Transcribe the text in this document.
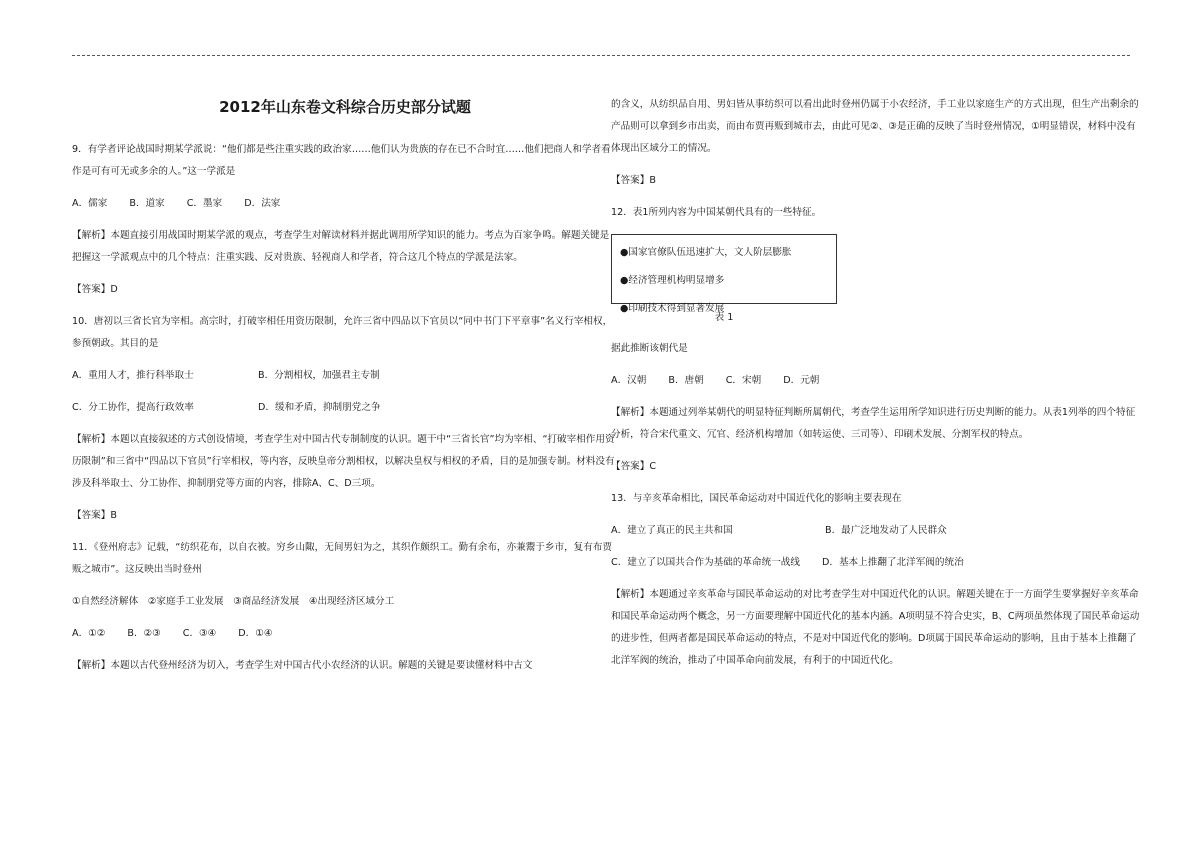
2012年山东卷文科综合历史部分试题

9．有学者评论战国时期某学派说：“他们都是些注重实践的政治家……他们认为贵族的存在已不合时宜……他们把商人和学者看作是可有可无或多余的人。”这一学派是

A．儒家 B．道家 C．墨家 D．法家

【解析】本题直接引用战国时期某学派的观点，考查学生对解读材料并据此调用所学知识的能力。考点为百家争鸣。解题关键是把握这一学派观点中的几个特点：注重实践、反对贵族、轻视商人和学者，符合这几个特点的学派是法家。

【答案】D

10．唐初以三省长官为宰相。高宗时，打破宰相任用资历限制，允许三省中四品以下官员以“同中书门下平章事”名义行宰相权，参预朝政。其目的是

A．重用人才，推行科举取士	B．分割相权，加强君主专制
C．分工协作，提高行政效率	D．缓和矛盾，抑制朋党之争

【解析】本题以直接叙述的方式创设情境，考查学生对中国古代专制制度的认识。题干中“三省长官”均为宰相、“打破宰相作用资历限制”和三省中“四品以下官员”行宰相权，等内容，反映皇帝分割相权，以解决皇权与相权的矛盾，目的是加强专制。材料没有涉及科举取士、分工协作、抑制朋党等方面的内容，排除A、C、D三项。

【答案】B

11．《登州府志》记载，“纺织花布，以自衣被。穷乡山陬，无间男妇为之，其织作颇织工。勤有余布，亦兼鬻于乡市，复有布贾贩之城市”。这反映出当时登州

①自然经济解体　②家庭手工业发展　③商品经济发展　④出现经济区域分工

A．①② B．②③ C．③④ D．①④

【解析】本题以古代登州经济为切入，考查学生对中国古代小农经济的认识。解题的关键是要读懂材料中古文

的含义，从纺织品自用、男妇皆从事纺织可以看出此时登州仍属于小农经济，手工业以家庭生产的方式出现，但生产出剩余的产品则可以拿到乡市出卖，而由布贾再贩到城市去，由此可见②、③是正确的反映了当时登州情况，①明显错误，材料中没有体现出区域分工的情况。

【答案】B

12．表1所列内容为中国某朝代具有的一些特征。

●国家官僚队伍迅速扩大，文人阶层膨胀
●经济管理机构明显增多
●印刷技术得到显著发展
表 1

据此推断该朝代是

A．汉朝 B．唐朝 C．宋朝 D．元朝

【解析】本题通过列举某朝代的明显特征判断所属朝代，考查学生运用所学知识进行历史判断的能力。从表1列举的四个特征分析，符合宋代重文、冗官、经济机构增加（如转运使、三司等）、印刷术发展、分割军权的特点。

【答案】C

13．与辛亥革命相比，国民革命运动对中国近代化的影响主要表现在

A．建立了真正的民主共和国	B．最广泛地发动了人民群众
C．建立了以国共合作为基础的革命统一战线 D．基本上推翻了北洋军阀的统治

【解析】本题通过辛亥革命与国民革命运动的对比考查学生对中国近代化的认识。解题关键在于一方面学生要掌握好辛亥革命和国民革命运动两个概念，另一方面要理解中国近代化的基本内涵。A项明显不符合史实，B、C两项虽然体现了国民革命运动的进步性，但两者都是国民革命运动的特点，不是对中国近代化的影响。D项属于国民革命运动的影响，且由于基本上推翻了北洋军阀的统治，推动了中国革命向前发展，有利于的中国近代化。
